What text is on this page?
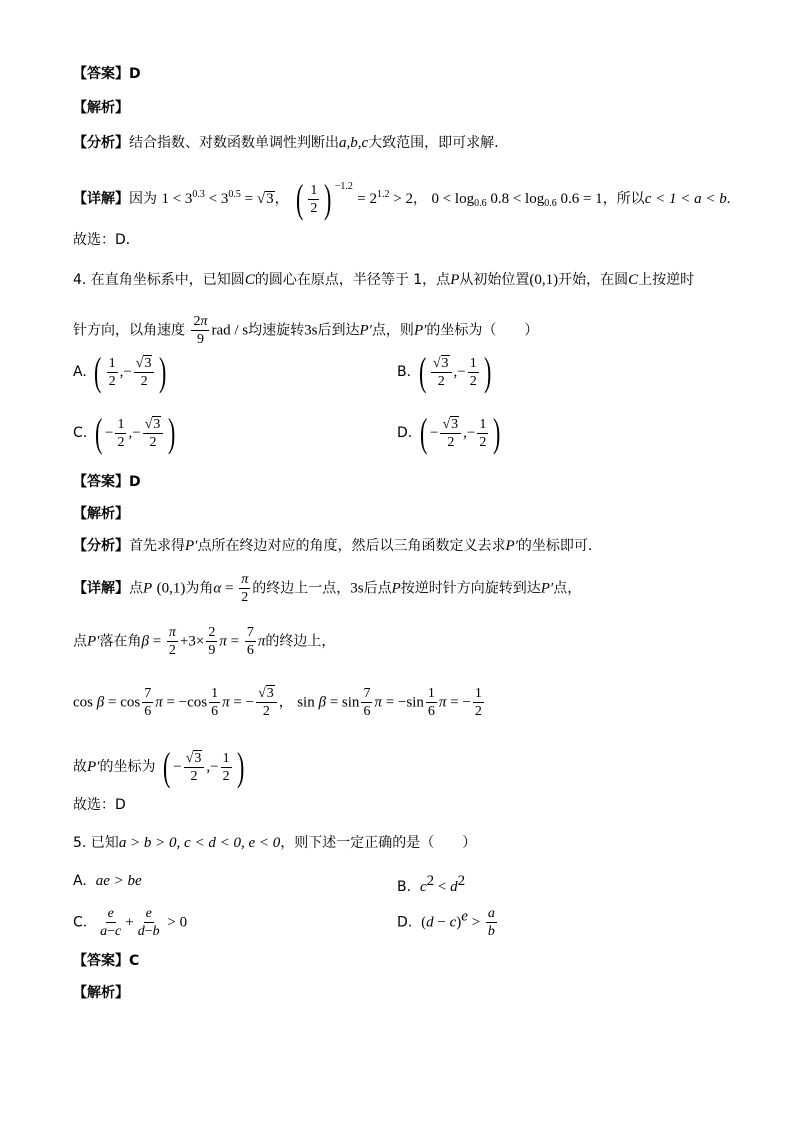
【答案】D
【解析】
【分析】结合指数、对数函数单调性判断出a,b,c大致范围，即可求解.
【详解】因为 $1 < 3^{0.3} < 3^{0.5} = √3$， ( $\frac{1}{2}$ ) $^{-1.2} = 2^{1.2} > 2$， $0 < \log_{0.6} 0.8 < \log_{0.6} 0.6 = 1$，所以c < 1 < a < b.
故选：D．
4. 在直角坐标系中，已知圆C的圆心在原点，半径等于 1，点P从初始位置(0,1)开始，在圆C上按逆时
针方向，以角速度 $\frac{2\pi}{9}$ rad / s均速旋转3s后到达P′点，则P′的坐标为（　　）
A. ( $\frac{1}{2}$ ,− $\frac{√3}{2}$ )	B. ( $\frac{√3}{2}$ ,− $\frac{1}{2}$ )
C. ( − $\frac{1}{2}$ ,− $\frac{√3}{2}$ )	D. ( − $\frac{√3}{2}$ ,− $\frac{1}{2}$ )
【答案】D
【解析】
【分析】首先求得P′点所在终边对应的角度，然后以三角函数定义去求P′的坐标即可.
【详解】点P (0,1)为角$\alpha = \frac{\pi}{2}$ 的终边上一点，3s后点P按逆时针方向旋转到达P′点，
点P′落在角$\beta = \frac{\pi}{2} +3\times \frac{2}{9}$ $\pi = \frac{7}{6}$ π的终边上，
$\cos \beta = \cos \frac{7}{6}$ $\pi = -\cos \frac{1}{6}$ π = − $\frac{√3}{2}$ ， $\sin \beta = \sin \frac{7}{6}$ $\pi = -\sin \frac{1}{6}$ π = − $\frac{1}{2}$
故P′的坐标为 ( − $\frac{√3}{2}$ ,− $\frac{1}{2}$ )
故选：D
5. 已知a > b > 0, c < d < 0, e < 0，则下述一定正确的是（　　）
A. ae > be	B. $c^2 < d^2$
C. $\frac{e}{a-c} + \frac{e}{d-b} > 0$	D. $(d - c)^e > \frac{a}{b}$
【答案】C
【解析】
